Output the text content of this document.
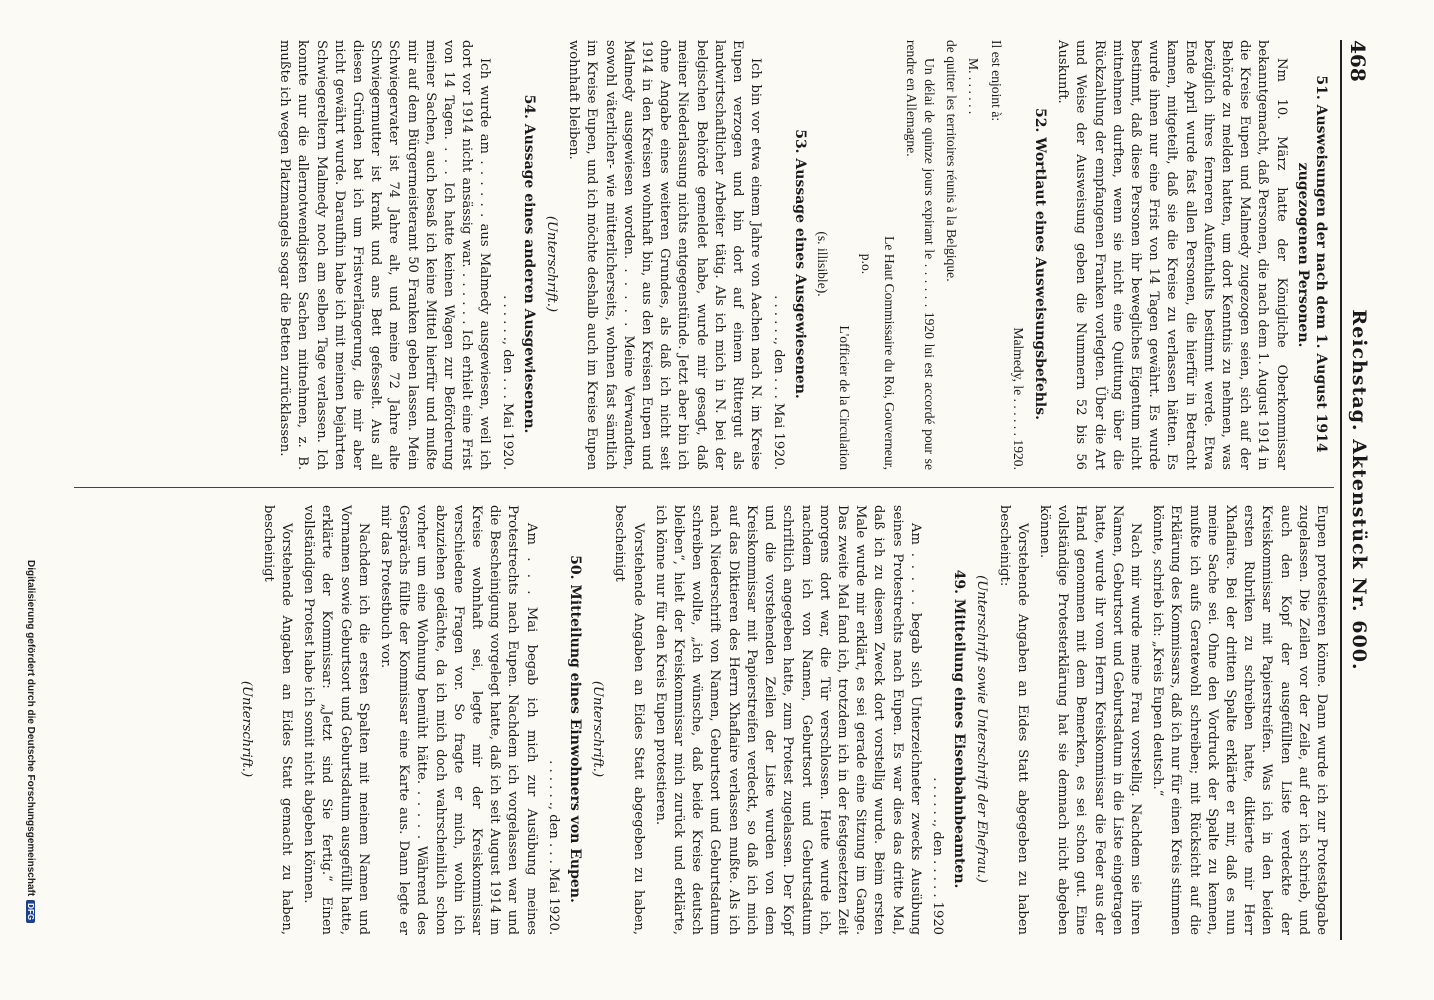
468
Reichstag. Aktenstück Nr. 600.

51. Ausweisungen der nach dem 1. August 1914 zugezogenen Personen.

Nm 10. März hatte der Königliche Oberkommissar bekanntgemacht, daß Personen, die nach dem 1. August 1914 in die Kreise Eupen und Malmedy zugezogen seien, sich auf der Behörde zu melden hatten, um dort Kenntnis zu nehmen, was bezüglich ihres ferneren Aufenthalts bestimmt werde. Etwa Ende April wurde fast allen Personen, die hierfür in Betracht kamen, mitgeteilt, daß sie die Kreise zu verlassen hätten. Es wurde ihnen nur eine Frist von 14 Tagen gewährt. Es wurde bestimmt, daß diese Personen ihr bewegliches Eigentum nicht mitnehmen durften, wenn sie nicht eine Quittung über die Rückzahlung der empfangenen Franken vorlegten. Über die Art und Weise der Ausweisung geben die Nummern 52 bis 56 Auskunft.

52. Wortlaut eines Ausweisungsbefehls.

Malmedy, le . . . . . . 1920.

Il est enjoint à:

M. . . . . . .

de quitter les territoires réunis à la Belgique.

Un délai de quinze jours expirant le . . . . . . 1920 lui est accordé pour se rendre en Allemagne.

Le Haut Commissaire du Roi, Gouverneur,

p.o.

L'officier de la Circulation

(s. illisible).

53. Aussage eines Ausgewiesenen.

. . . . . ., den . . . Mai 1920.

Ich bin vor etwa einem Jahre von Aachen nach N. im Kreise Eupen verzogen und bin dort auf einem Rittergut als landwirtschaftlicher Arbeiter tätig. Als ich mich in N. bei der belgischen Behörde gemeldet habe, wurde mir gesagt, daß meiner Niederlassung nichts entgegenstünde. Jetzt aber bin ich ohne Angabe eines weiteren Grundes, als daß ich nicht seit 1914 in den Kreisen wohnhaft bin, aus den Kreisen Eupen und Malmedy ausgewiesen worden. . . . . . Meine Verwandten, sowohl väterlicher- wie mütterlicherseits, wohnen fast sämtlich im Kreise Eupen, und ich möchte deshalb auch im Kreise Eupen wohnhaft bleiben.

(Unterschrift.)

54. Aussage eines anderen Ausgewiesenen.

. . . . . ., den . . . Mai 1920.

Ich wurde am . . . . . . aus Malmedy ausgewiesen, weil ich dort vor 1914 nicht ansässig war. . . . . . . Ich erhielt eine Frist von 14 Tagen. . . . Ich hatte keinen Wagen zur Beförderung meiner Sachen, auch besaß ich keine Mittel hierfür und mußte mir auf dem Bürgermeisteramt 50 Franken geben lassen. Mein Schwiegervater ist 74 Jahre alt, und meine 72 Jahre alte Schwiegermutter ist krank und ans Bett gefesselt. Aus all diesen Gründen bat ich um Fristverlängerung, die mir aber nicht gewährt wurde. Daraufhin habe ich mit meinen bejahrten Schwiegereltern Malmedy noch am selben Tage verlassen. Ich konnte nur die allernotwendigsten Sachen mitnehmen, z. B. mußte ich wegen Platzmangels sogar die Betten zurücklassen.

Eupen protestieren könne. Dann wurde ich zur Protestabgabe zugelassen. Die Zeilen vor der Zeile, auf der ich schrieb, und auch den Kopf der ausgefüllten Liste verdeckte der Kreiskommissar mit Papierstreifen. Was ich in den beiden ersten Rubriken zu schreiben hatte, diktierte mir Herr Xhaflaire. Bei der dritten Spalte erklärte er mir, daß es nun meine Sache sei. Ohne den Vordruck der Spalte zu kennen, mußte ich aufs Geratewohl schreiben; mit Rücksicht auf die Erklärung des Kommissars, daß ich nur für einen Kreis stimmen könnte, schrieb ich: „Kreis Eupen deutsch.“

Nach mir wurde meine Frau vorstellig. Nachdem sie ihren Namen, Geburtsort und Geburtsdatum in die Liste eingetragen hatte, wurde ihr vom Herrn Kreiskommissar die Feder aus der Hand genommen mit dem Bemerken, es sei schon gut. Eine vollständige Protesterklärung hat sie demnach nicht abgeben können.

Vorstehende Angaben an Eides Statt abgegeben zu haben bescheinigt:

(Unterschrift sowie Unterschrift der Ehefrau.)

49. Mitteilung eines Eisenbahnbeamten.

. . . . . ., den . . . . . 1920

Am . . . . . begab sich Unterzeichneter zwecks Ausübung seines Protestrechts nach Eupen. Es war dies das dritte Mal, daß ich zu diesem Zweck dort vorstellig wurde. Beim ersten Male wurde mir erklärt, es sei gerade eine Sitzung im Gange. Das zweite Mal fand ich, trotzdem ich in der festgesetzten Zeit morgens dort war, die Tür verschlossen. Heute wurde ich, nachdem ich von Namen, Geburtsort und Geburtsdatum schriftlich angegeben hatte, zum Protest zugelassen. Der Kopf und die vorstehenden Zeilen der Liste wurden von dem Kreiskommissar mit Papierstreifen verdeckt, so daß ich mich auf das Diktieren des Herrn Xhaflaire verlassen mußte. Als ich nach Niederschrift von Namen, Geburtsort und Geburtsdatum schreiben wollte, „ich wünsche, daß beide Kreise deutsch bleiben“, hielt der Kreiskommissar mich zurück und erklärte, ich könne nur für den Kreis Eupen protestieren.

Vorstehende Angaben an Eides Statt abgegeben zu haben, bescheinigt

(Unterschrift.)

50. Mitteilung eines Einwohners von Eupen.

. . . . . ., den . . . Mai 1920.

Am . . . Mai begab ich mich zur Ausübung meines Protestrechts nach Eupen. Nachdem ich vorgelassen war und die Bescheinigung vorgelegt hatte, daß ich seit August 1914 im Kreise wohnhaft sei, legte mir der Kreiskommissar verschiedene Fragen vor. So fragte er mich, wohin ich abzuziehen gedächte, da ich mich doch wahrscheinlich schon vorher um eine Wohnung bemüht hätte. . . . . . Während des Gesprächs füllte der Kommissar eine Karte aus. Dann legte er mir das Protestbuch vor.

Nachdem ich die ersten Spalten mit meinem Namen und Vornamen sowie Geburtsort und Geburtsdatum ausgefüllt hatte, erklärte der Kommissar: „Jetzt sind Sie fertig.“ Einen vollständigen Protest habe ich somit nicht abgeben können.

Vorstehende Angaben an Eides Statt gemacht zu haben, bescheinigt

(Unterschrift.)

Digitalisierung gefördert durch die Deutsche ForschungsgemeinschaftDFG
